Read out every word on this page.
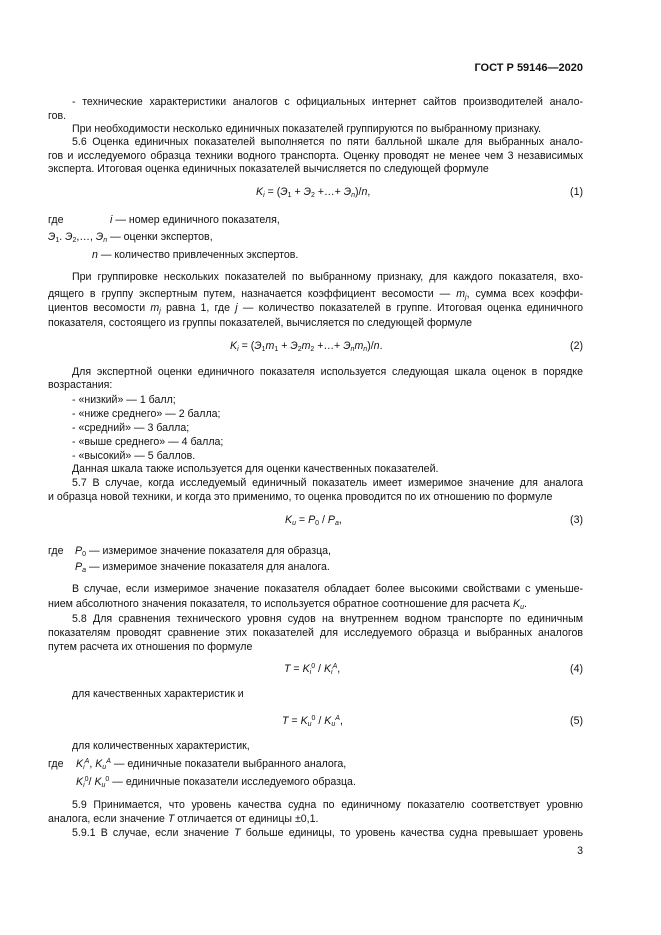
ГОСТ Р 59146—2020
- технические характеристики аналогов с официальных интернет сайтов производителей анало-
гов.
При необходимости несколько единичных показателей группируются по выбранному признаку.
5.6 Оценка единичных показателей выполняется по пяти балльной шкале для выбранных анало-
гов и исследуемого образца техники водного транспорта. Оценку проводят не менее чем 3 независимых
эксперта. Итоговая оценка единичных показателей вычисляется по следующей формуле
$K_i = (Э_1 + Э_2$ +…+ $Э_n)/n$,	(1)
где	i — номер единичного показателя,
$Э_1$. $Э_2,\dots$, $Э_n$ — оценки экспертов,
n — количество привлеченных экспертов.
При группировке нескольких показателей по выбранному признаку, для каждого показателя, вхо-
дящего в группу экспертным путем, назначается коэффициент весомости — $m_j$, сумма всех коэффи-
циентов весомости $m_j$ равна 1, где j — количество показателей в группе. Итоговая оценка единичного
показателя, состоящего из группы показателей, вычисляется по следующей формуле
$K_i = (Э_1m_1 + Э_2m_2$ +…+ $Э_nm_n)/n$.	(2)
Для экспертной оценки единичного показателя используется следующая шкала оценок в порядке
возрастания:
- «низкий» — 1 балл;
- «ниже среднего» — 2 балла;
- «средний» — 3 балла;
- «выше среднего» — 4 балла;
- «высокий» — 5 баллов.
Данная шкала также используется для оценки качественных показателей.
5.7 В случае, когда исследуемый единичный показатель имеет измеримое значение для аналога
и образца новой техники, и когда это применимо, то оценка проводится по их отношению по формуле
$K_u = P_0 / P_a$,	(3)
где $P_0$ — измеримое значение показателя для образца,
$P_a$ — измеримое значение показателя для аналога.
В случае, если измеримое значение показателя обладает более высокими свойствами с уменьше-
нием абсолютного значения показателя, то используется обратное соотношение для расчета $K_u$.
5.8 Для сравнения технического уровня судов на внутреннем водном транспорте по единичным
показателям проводят сравнение этих показателей для исследуемого образца и выбранных аналогов
путем расчета их отношения по формуле
$T = K_i^0 / K_i^A$,	(4)
для качественных характеристик и
$T = K_u^0 / K_u^A$,	(5)
для количественных характеристик,
где $K_i^A$, $K_u^A$ — единичные показатели выбранного аналога,
$K_i^0/$ $K_u^0$ — единичные показатели исследуемого образца.
5.9 Принимается, что уровень качества судна по единичному показателю соответствует уровню
аналога, если значение T отличается от единицы ±0,1.
5.9.1 В случае, если значение T больше единицы, то уровень качества судна превышает уровень
3
